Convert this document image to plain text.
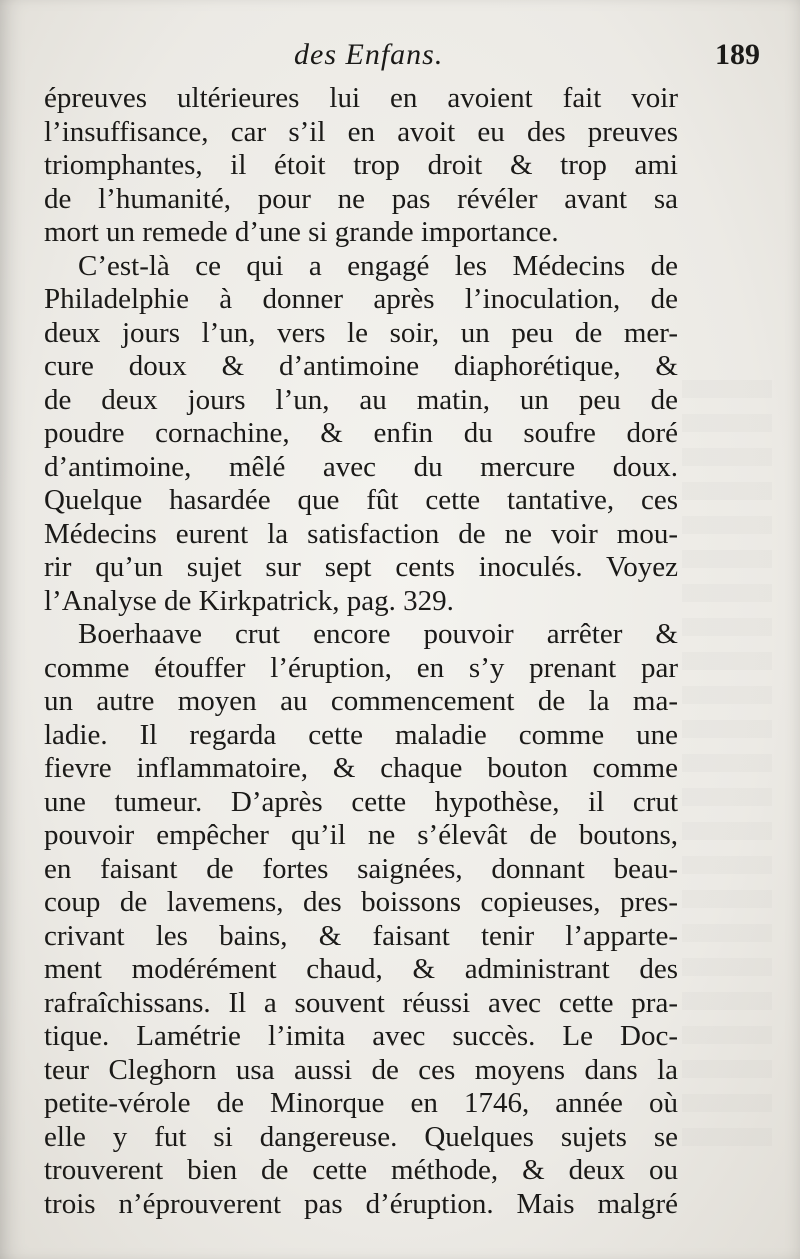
des Enfans.	189
épreuves ultérieures lui en avoient fait voir
l’insuffisance, car s’il en avoit eu des preuves
triomphantes, il étoit trop droit & trop ami
de l’humanité, pour ne pas révéler avant sa
mort un remede d’une si grande importance.
C’est-là ce qui a engagé les Médecins de
Philadelphie à donner après l’inoculation, de
deux jours l’un, vers le soir, un peu de mer-
cure doux & d’antimoine diaphorétique, &
de deux jours l’un, au matin, un peu de
poudre cornachine, & enfin du soufre doré
d’antimoine, mêlé avec du mercure doux.
Quelque hasardée que fût cette tantative, ces
Médecins eurent la satisfaction de ne voir mou-
rir qu’un sujet sur sept cents inoculés. Voyez
l’Analyse de Kirkpatrick, pag. 329.
Boerhaave crut encore pouvoir arrêter &
comme étouffer l’éruption, en s’y prenant par
un autre moyen au commencement de la ma-
ladie. Il regarda cette maladie comme une
fievre inflammatoire, & chaque bouton comme
une tumeur. D’après cette hypothèse, il crut
pouvoir empêcher qu’il ne s’élevât de boutons,
en faisant de fortes saignées, donnant beau-
coup de lavemens, des boissons copieuses, pres-
crivant les bains, & faisant tenir l’apparte-
ment modérément chaud, & administrant des
rafraîchissans. Il a souvent réussi avec cette pra-
tique. Lamétrie l’imita avec succès. Le Doc-
teur Cleghorn usa aussi de ces moyens dans la
petite-vérole de Minorque en 1746, année où
elle y fut si dangereuse. Quelques sujets se
trouverent bien de cette méthode, & deux ou
trois n’éprouverent pas d’éruption. Mais malgré
